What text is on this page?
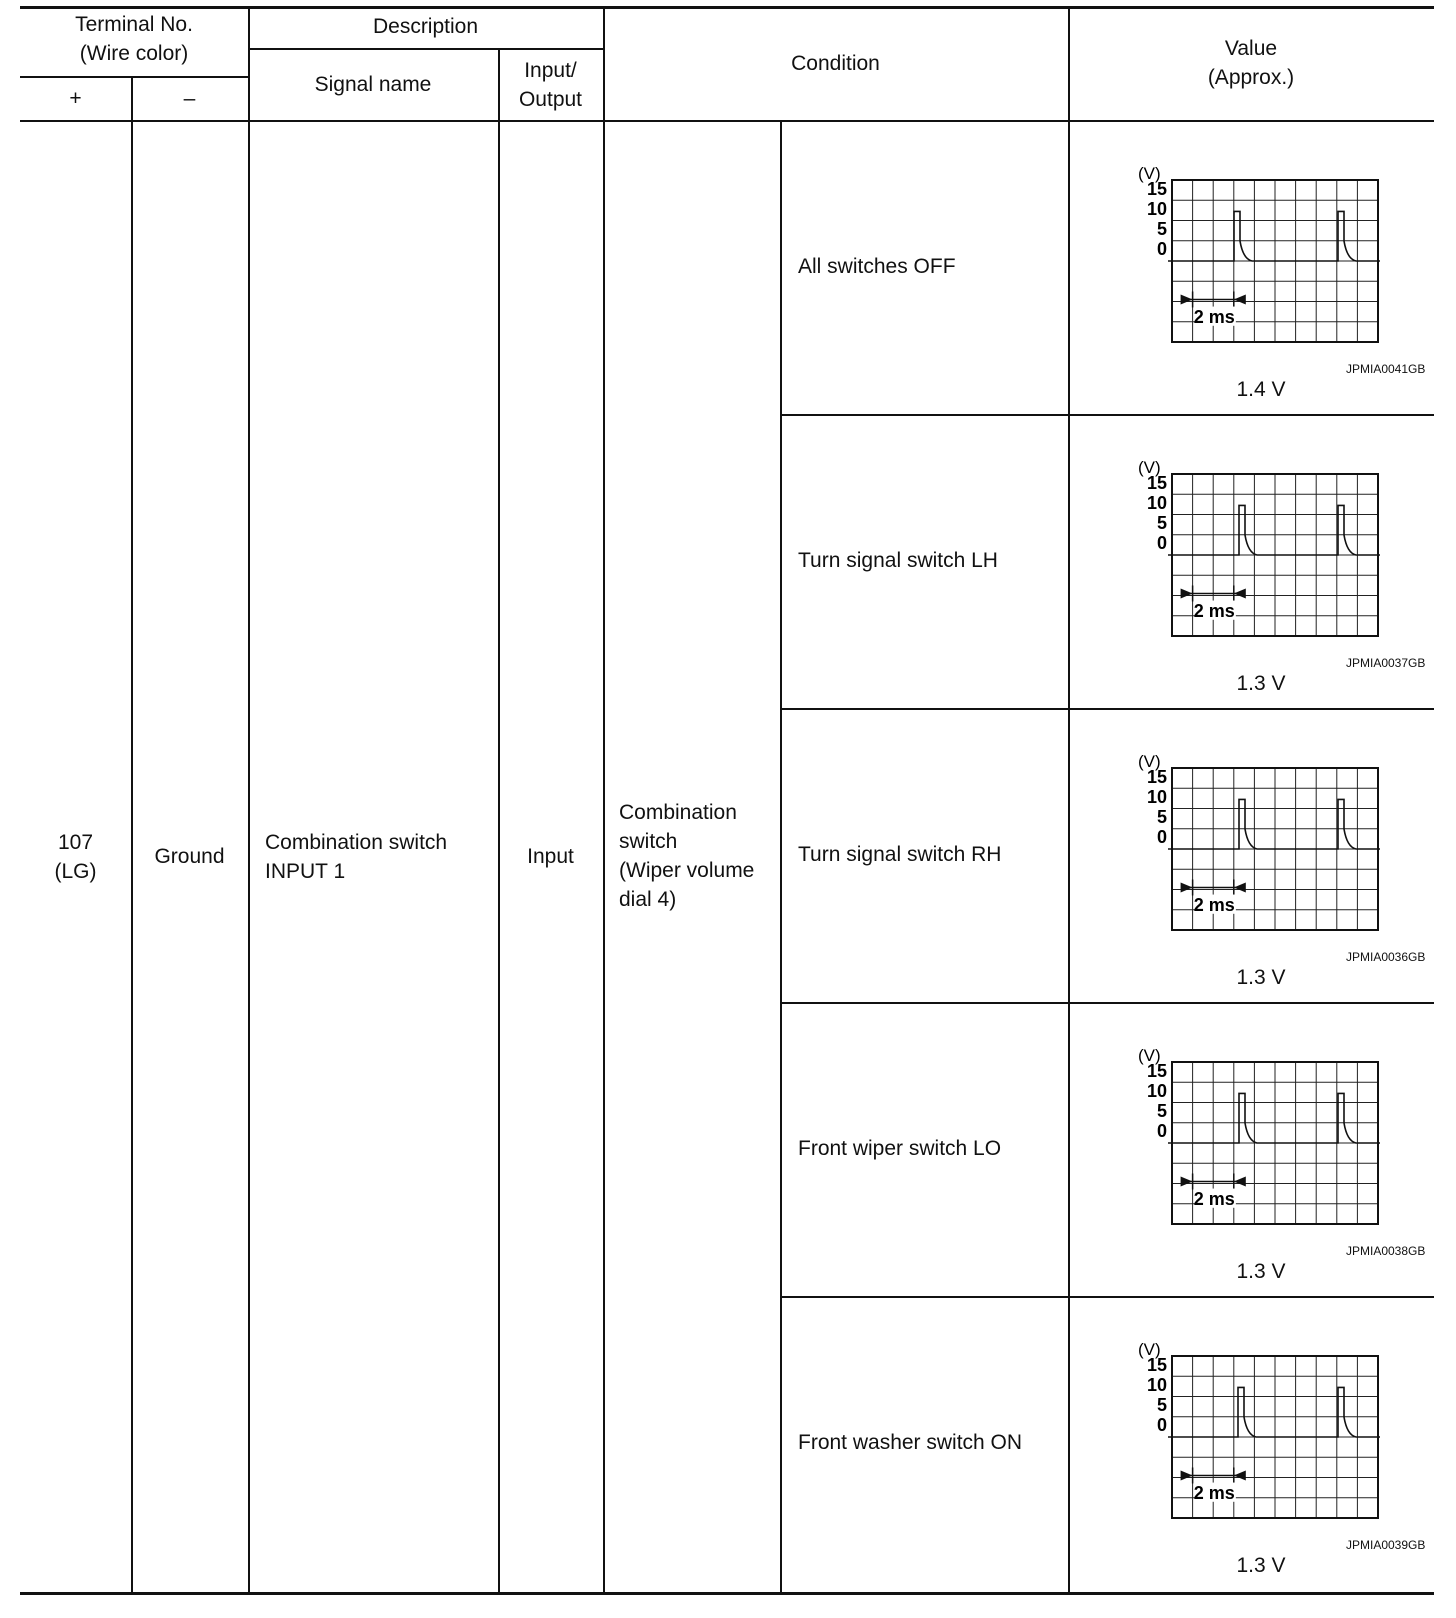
Terminal No.
(Wire color)
+	–
Description
Signal name
Input/
Output
Condition
Value
(Approx.)
107
(LG)
Ground
Combination switch
INPUT 1
Input
Combination
switch
(Wiper volume
dial 4)
All switches OFF
Turn signal switch LH
Turn signal switch RH
Front wiper switch LO
Front washer switch ON
(V)
15
10
5
0
2 ms
JPMIA0041GB
1.4 V
(V)
15
10
5
0
2 ms
JPMIA0037GB
1.3 V
(V)
15
10
5
0
2 ms
JPMIA0036GB
1.3 V
(V)
15
10
5
0
2 ms
JPMIA0038GB
1.3 V
(V)
15
10
5
0
2 ms
JPMIA0039GB
1.3 V
